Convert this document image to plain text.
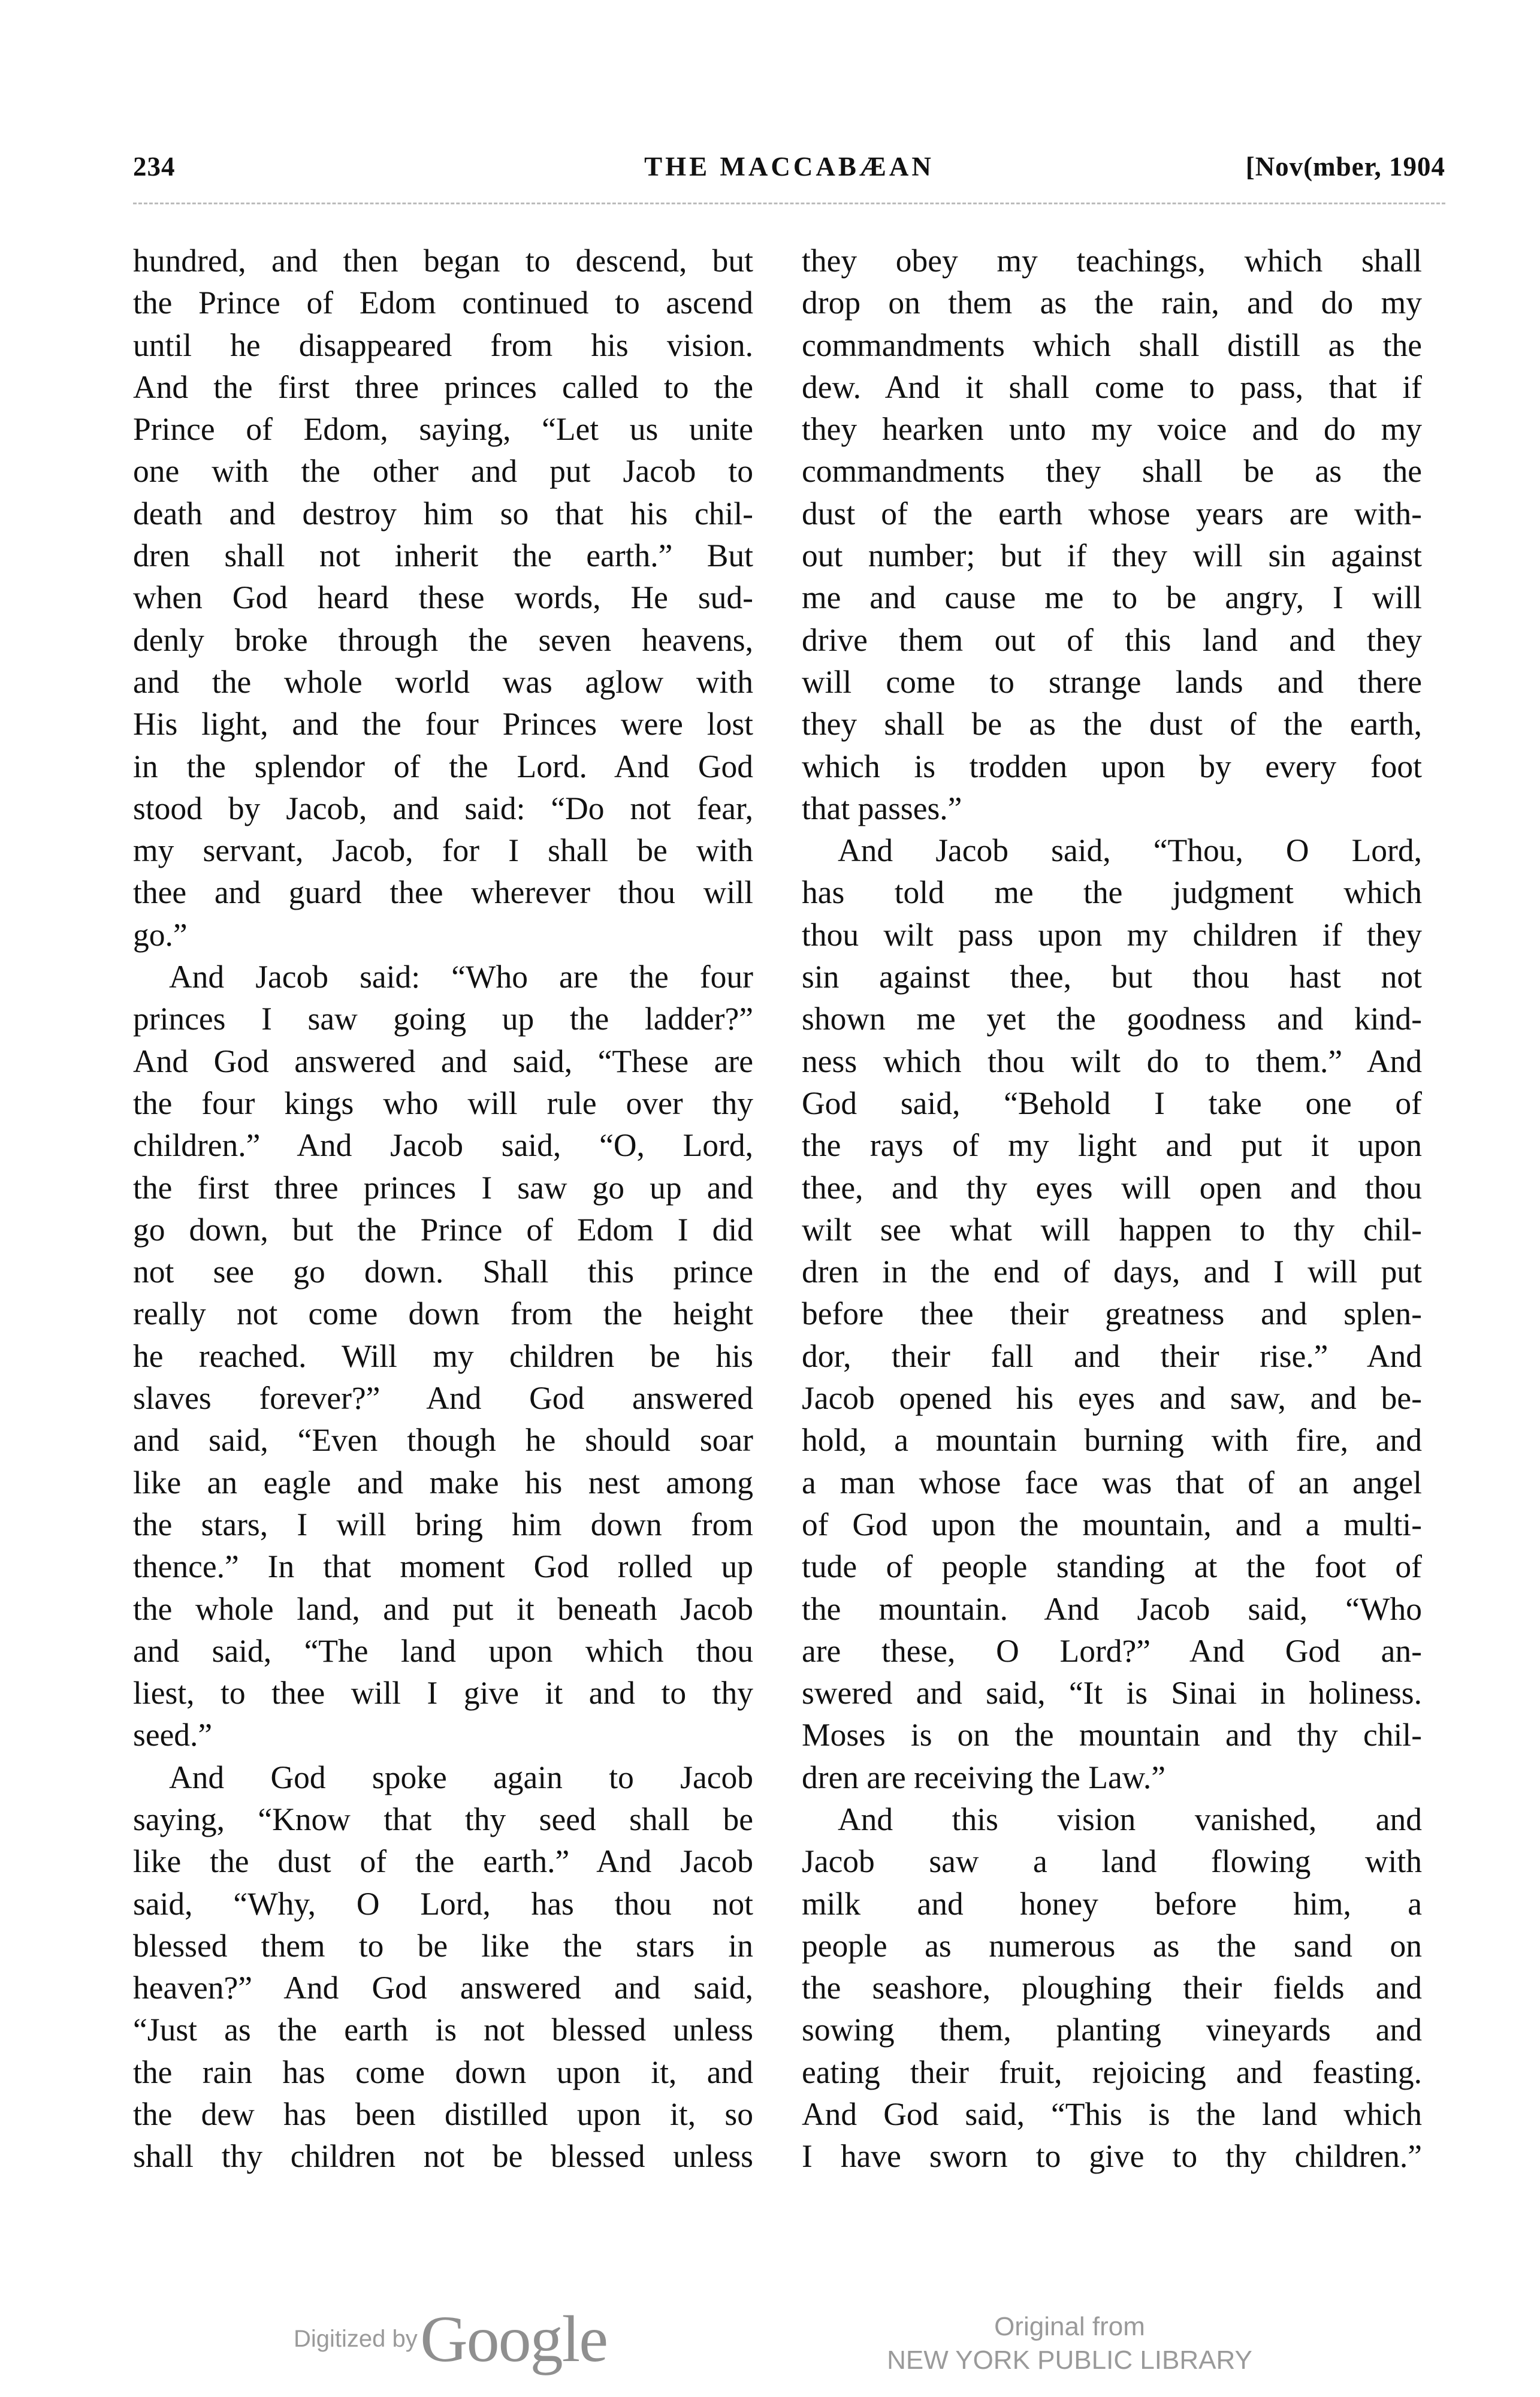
234	THE MACCABÆAN	[Nov(mber, 1904
hundred, and then began to descend, but
the Prince of Edom continued to ascend
until he disappeared from his vision.
And the first three princes called to the
Prince of Edom, saying, “Let us unite
one with the other and put Jacob to
death and destroy him so that his chil-
dren shall not inherit the earth.” But
when God heard these words, He sud-
denly broke through the seven heavens,
and the whole world was aglow with
His light, and the four Princes were lost
in the splendor of the Lord. And God
stood by Jacob, and said: “Do not fear,
my servant, Jacob, for I shall be with
thee and guard thee wherever thou will
go.”
And Jacob said: “Who are the four
princes I saw going up the ladder?”
And God answered and said, “These are
the four kings who will rule over thy
children.” And Jacob said, “O, Lord,
the first three princes I saw go up and
go down, but the Prince of Edom I did
not see go down. Shall this prince
really not come down from the height
he reached. Will my children be his
slaves forever?” And God answered
and said, “Even though he should soar
like an eagle and make his nest among
the stars, I will bring him down from
thence.” In that moment God rolled up
the whole land, and put it beneath Jacob
and said, “The land upon which thou
liest, to thee will I give it and to thy
seed.”
And God spoke again to Jacob
saying, “Know that thy seed shall be
like the dust of the earth.” And Jacob
said, “Why, O Lord, has thou not
blessed them to be like the stars in
heaven?” And God answered and said,
“Just as the earth is not blessed unless
the rain has come down upon it, and
the dew has been distilled upon it, so
shall thy children not be blessed unless
they obey my teachings, which shall
drop on them as the rain, and do my
commandments which shall distill as the
dew. And it shall come to pass, that if
they hearken unto my voice and do my
commandments they shall be as the
dust of the earth whose years are with-
out number; but if they will sin against
me and cause me to be angry, I will
drive them out of this land and they
will come to strange lands and there
they shall be as the dust of the earth,
which is trodden upon by every foot
that passes.”
And Jacob said, “Thou, O Lord,
has told me the judgment which
thou wilt pass upon my children if they
sin against thee, but thou hast not
shown me yet the goodness and kind-
ness which thou wilt do to them.” And
God said, “Behold I take one of
the rays of my light and put it upon
thee, and thy eyes will open and thou
wilt see what will happen to thy chil-
dren in the end of days, and I will put
before thee their greatness and splen-
dor, their fall and their rise.” And
Jacob opened his eyes and saw, and be-
hold, a mountain burning with fire, and
a man whose face was that of an angel
of God upon the mountain, and a multi-
tude of people standing at the foot of
the mountain. And Jacob said, “Who
are these, O Lord?” And God an-
swered and said, “It is Sinai in holiness.
Moses is on the mountain and thy chil-
dren are receiving the Law.”
And this vision vanished, and
Jacob saw a land flowing with
milk and honey before him, a
people as numerous as the sand on
the seashore, ploughing their fields and
sowing them, planting vineyards and
eating their fruit, rejoicing and feasting.
And God said, “This is the land which
I have sworn to give to thy children.”
Digitized by Google	Original from
NEW YORK PUBLIC LIBRARY
